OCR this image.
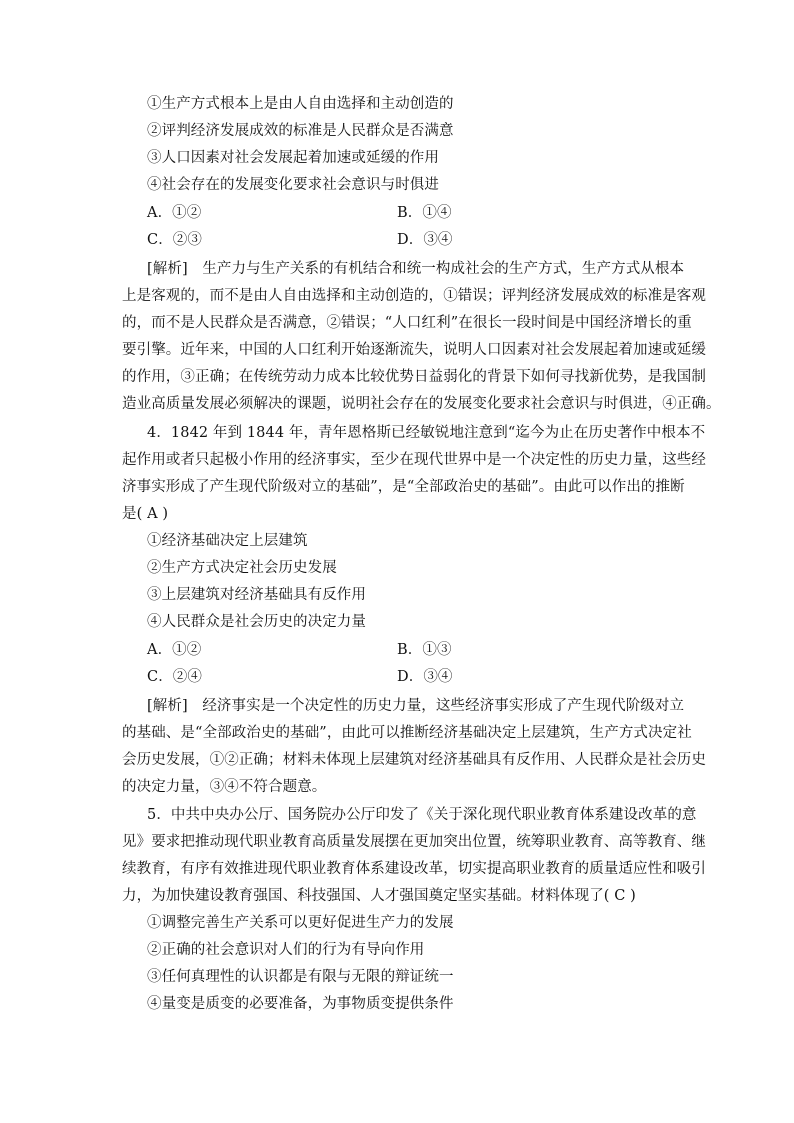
①生产方式根本上是由人自由选择和主动创造的
②评判经济发展成效的标准是人民群众是否满意
③人口因素对社会发展起着加速或延缓的作用
④社会存在的发展变化要求社会意识与时俱进
A．①②	B．①④
C．②③	D．③④
[解析]　生产力与生产关系的有机结合和统一构成社会的生产方式，生产方式从根本
上是客观的，而不是由人自由选择和主动创造的，①错误；评判经济发展成效的标准是客观
的，而不是人民群众是否满意，②错误；“人口红利”在很长一段时间是中国经济增长的重
要引擎。近年来，中国的人口红利开始逐渐流失，说明人口因素对社会发展起着加速或延缓
的作用，③正确；在传统劳动力成本比较优势日益弱化的背景下如何寻找新优势，是我国制
造业高质量发展必须解决的课题，说明社会存在的发展变化要求社会意识与时俱进，④正确。
4．1842 年到 1844 年，青年恩格斯已经敏锐地注意到“迄今为止在历史著作中根本不
起作用或者只起极小作用的经济事实，至少在现代世界中是一个决定性的历史力量，这些经
济事实形成了产生现代阶级对立的基础”，是“全部政治史的基础”。由此可以作出的推断
是( A )
①经济基础决定上层建筑
②生产方式决定社会历史发展
③上层建筑对经济基础具有反作用
④人民群众是社会历史的决定力量
A．①②	B．①③
C．②④	D．③④
[解析]　经济事实是一个决定性的历史力量，这些经济事实形成了产生现代阶级对立
的基础、是“全部政治史的基础”，由此可以推断经济基础决定上层建筑，生产方式决定社
会历史发展，①②正确；材料未体现上层建筑对经济基础具有反作用、人民群众是社会历史
的决定力量，③④不符合题意。
5．中共中央办公厅、国务院办公厅印发了《关于深化现代职业教育体系建设改革的意
见》要求把推动现代职业教育高质量发展摆在更加突出位置，统筹职业教育、高等教育、继
续教育，有序有效推进现代职业教育体系建设改革，切实提高职业教育的质量适应性和吸引
力，为加快建设教育强国、科技强国、人才强国奠定坚实基础。材料体现了( C )
①调整完善生产关系可以更好促进生产力的发展
②正确的社会意识对人们的行为有导向作用
③任何真理性的认识都是有限与无限的辩证统一
④量变是质变的必要准备，为事物质变提供条件
